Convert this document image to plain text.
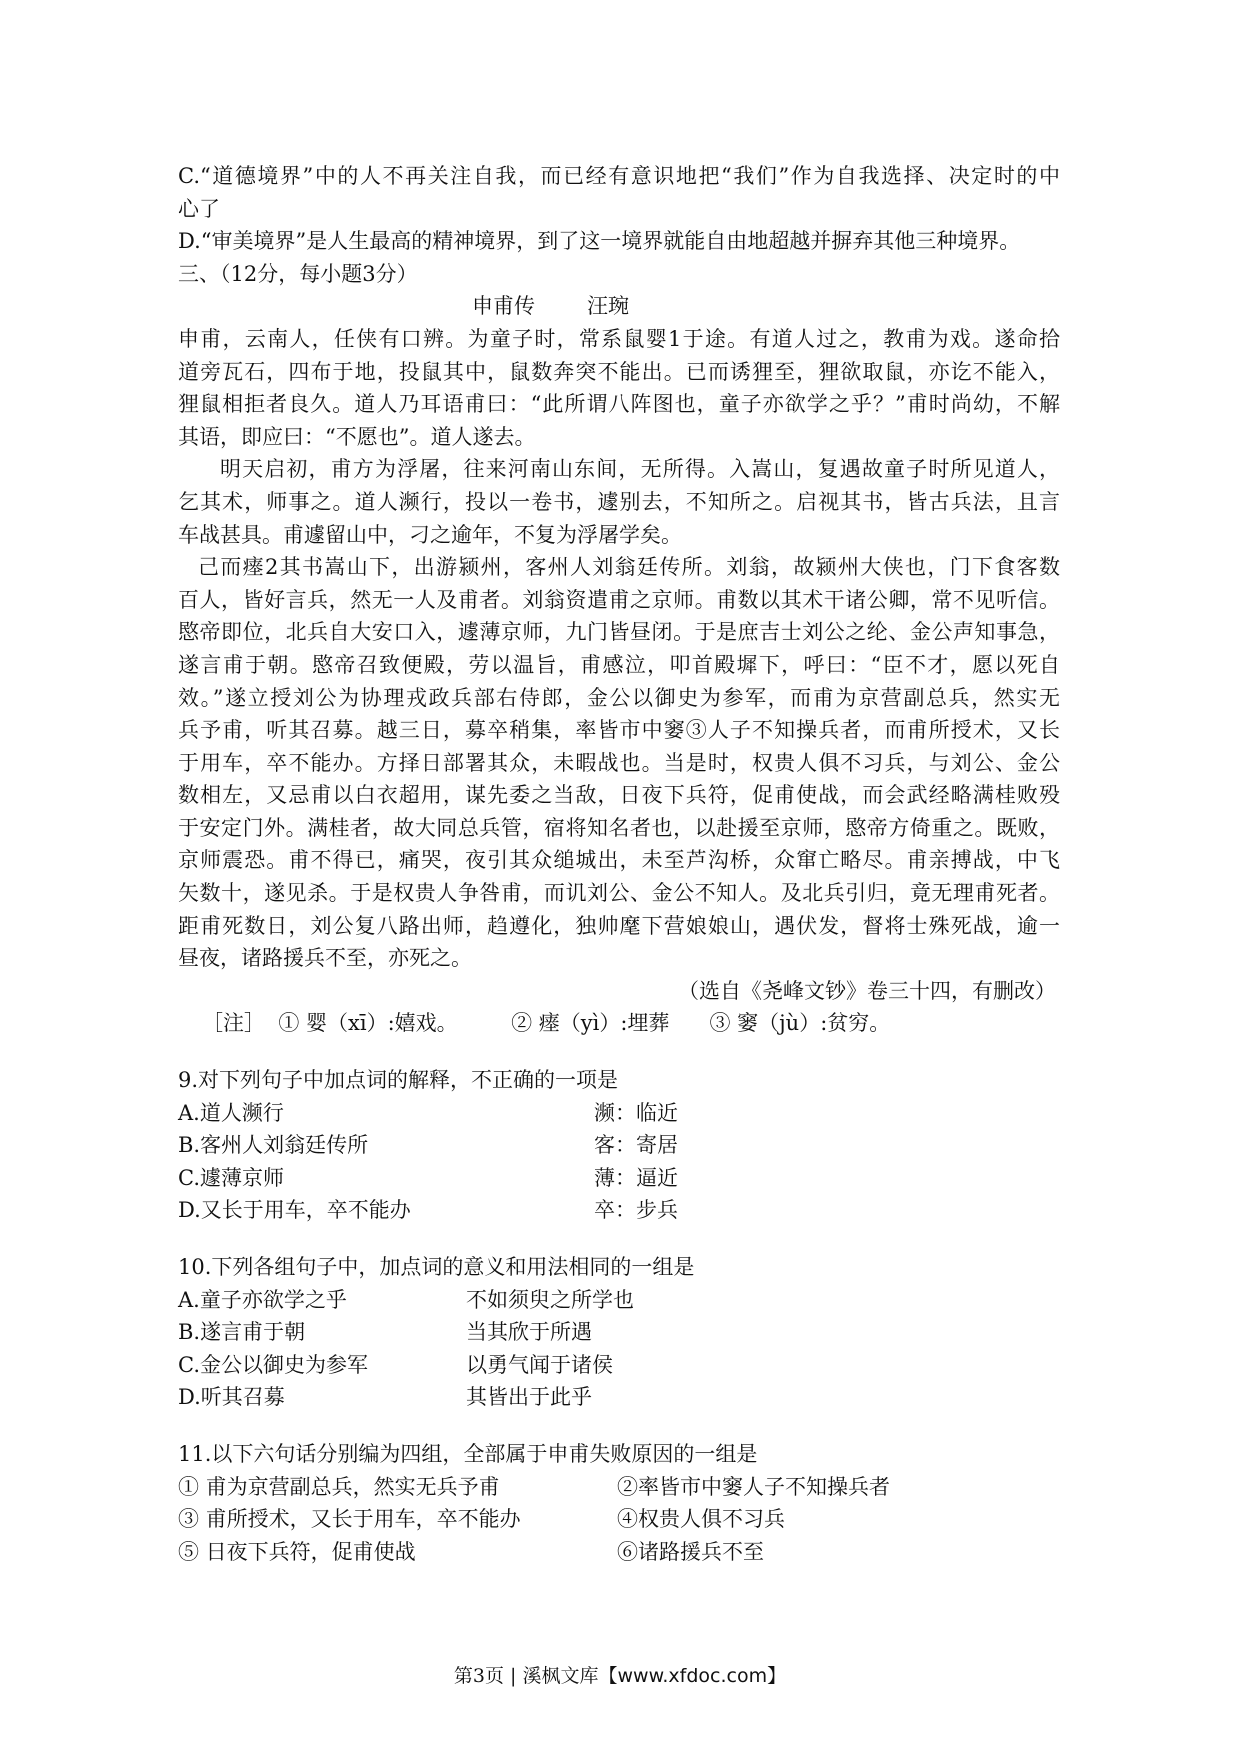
C.“道德境界”中的人不再关注自我，而已经有意识地把“我们”作为自我选择、决定时的中
心了
D.“审美境界”是人生最高的精神境界，到了这一境界就能自由地超越并摒弃其他三种境界。
三、（12分，每小题3分）
申甫传 汪琬
申甫，云南人，任侠有口辨。为童子时，常系鼠婴1于途。有道人过之，教甫为戏。遂命拾
道旁瓦石，四布于地，投鼠其中，鼠数奔突不能出。已而诱狸至，狸欲取鼠，亦讫不能入，
狸鼠相拒者良久。道人乃耳语甫曰：“此所谓八阵图也，童子亦欲学之乎？”甫时尚幼，不解
其语，即应曰：“不愿也”。道人遂去。
明天启初，甫方为浮屠，往来河南山东间，无所得。入嵩山，复遇故童子时所见道人，
乞其术，师事之。道人濒行，投以一卷书，遽别去，不知所之。启视其书，皆古兵法，且言
车战甚具。甫遽留山中，刁之逾年，不复为浮屠学矣。
己而瘗2其书嵩山下，出游颍州，客州人刘翁廷传所。刘翁，故颍州大侠也，门下食客数
百人，皆好言兵，然无一人及甫者。刘翁资遣甫之京师。甫数以其术干诸公卿，常不见听信。
愍帝即位，北兵自大安口入，遽薄京师，九门皆昼闭。于是庶吉士刘公之纶、金公声知事急，
遂言甫于朝。愍帝召致便殿，劳以温旨，甫感泣，叩首殿墀下，呼曰：“臣不才，愿以死自
效。”遂立授刘公为协理戎政兵部右侍郎，金公以御史为参军，而甫为京营副总兵，然实无
兵予甫，听其召募。越三日，募卒稍集，率皆市中窭③人子不知操兵者，而甫所授术，又长
于用车，卒不能办。方择日部署其众，未暇战也。当是时，权贵人俱不习兵，与刘公、金公
数相左，又忌甫以白衣超用，谋先委之当敌，日夜下兵符，促甫使战，而会武经略满桂败殁
于安定门外。满桂者，故大同总兵管，宿将知名者也，以赴援至京师，愍帝方倚重之。既败，
京师震恐。甫不得已，痛哭，夜引其众缒城出，未至芦沟桥，众窜亡略尽。甫亲搏战，中飞
矢数十，遂见杀。于是权贵人争咎甫，而讥刘公、金公不知人。及北兵引归，竟无理甫死者。
距甫死数日，刘公复八路出师，趋遵化，独帅麾下营娘娘山，遇伏发，督将士殊死战，逾一
昼夜，诸路援兵不至，亦死之。
（选自《尧峰文钞》卷三十四，有删改）
［注］ ① 婴（xī）:嬉戏。	② 瘗（yì）:埋葬 ③ 窭（jù）:贫穷。
9.对下列句子中加点词的解释，不正确的一项是
A.道人濒行	濒：临近
B.客州人刘翁廷传所	客：寄居
C.遽薄京师	薄：逼近
D.又长于用车，卒不能办	卒：步兵
10.下列各组句子中，加点词的意义和用法相同的一组是
A.童子亦欲学之乎	不如须臾之所学也
B.遂言甫于朝	当其欣于所遇
C.金公以御史为参军	以勇气闻于诸侯
D.听其召募	其皆出于此乎
11.以下六句话分别编为四组，全部属于申甫失败原因的一组是
① 甫为京营副总兵，然实无兵予甫	②率皆市中窭人子不知操兵者
③ 甫所授术，又长于用车，卒不能办	④权贵人俱不习兵
⑤ 日夜下兵符，促甫使战	⑥诸路援兵不至
第3页 | 溪枫文库【www.xfdoc.com】
